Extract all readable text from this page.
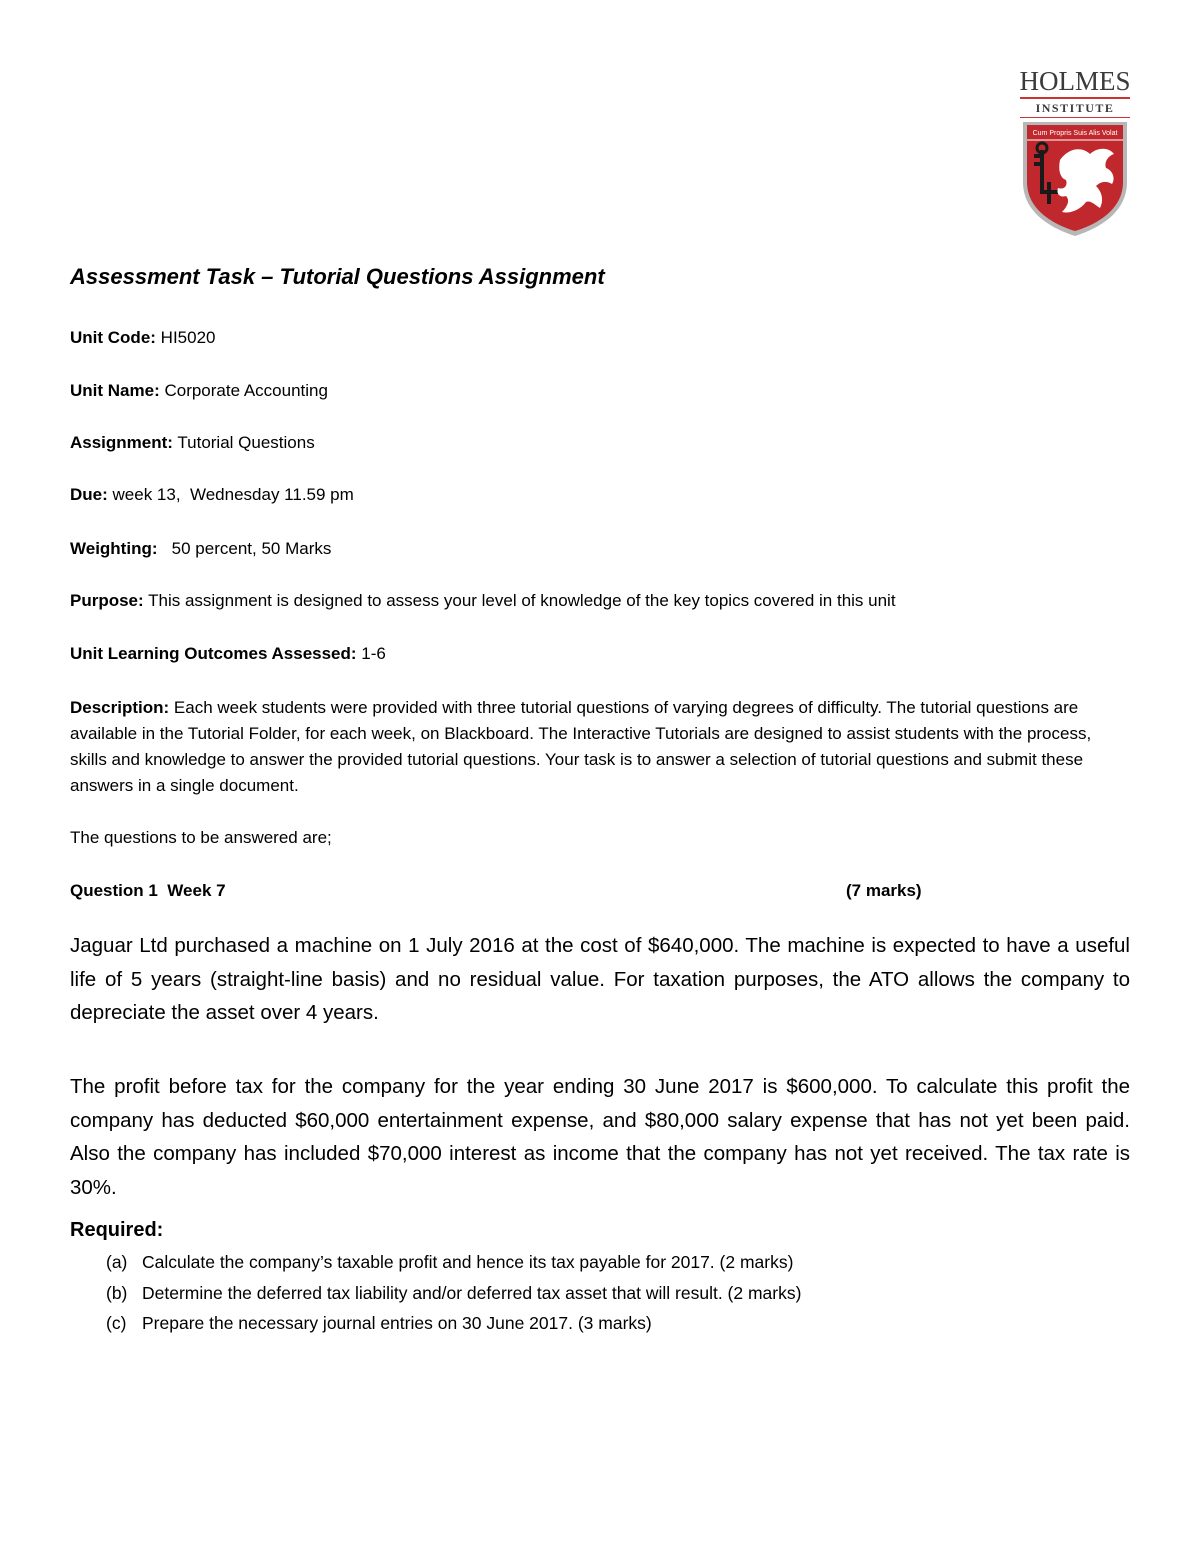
HOLMES
INSTITUTE
Cum Propris Suis Alis Volat
Assessment Task – Tutorial Questions Assignment

Unit Code: HI5020

Unit Name: Corporate Accounting

Assignment: Tutorial Questions

Due: week 13,  Wednesday 11.59 pm

Weighting:   50 percent, 50 Marks

Purpose: This assignment is designed to assess your level of knowledge of the key topics covered in this unit

Unit Learning Outcomes Assessed: 1-6

Description: Each week students were provided with three tutorial questions of varying degrees of difficulty. The tutorial questions are available in the Tutorial Folder, for each week, on Blackboard. The Interactive Tutorials are designed to assist students with the process, skills and knowledge to answer the provided tutorial questions. Your task is to answer a selection of tutorial questions and submit these answers in a single document.

The questions to be answered are;

Question 1  Week 7	(7 marks)

Jaguar Ltd purchased a machine on 1 July 2016 at the cost of $640,000. The machine is expected to have a useful life of 5 years (straight-line basis) and no residual value. For taxation purposes, the ATO allows the company to depreciate the asset over 4 years.

The profit before tax for the company for the year ending 30 June 2017 is $600,000. To calculate this profit the company has deducted $60,000 entertainment expense, and $80,000 salary expense that has not yet been paid. Also the company has included $70,000 interest as income that the company has not yet received. The tax rate is 30%.

Required:
(a) Calculate the company’s taxable profit and hence its tax payable for 2017. (2 marks)
(b) Determine the deferred tax liability and/or deferred tax asset that will result. (2 marks)
(c) Prepare the necessary journal entries on 30 June 2017. (3 marks)
